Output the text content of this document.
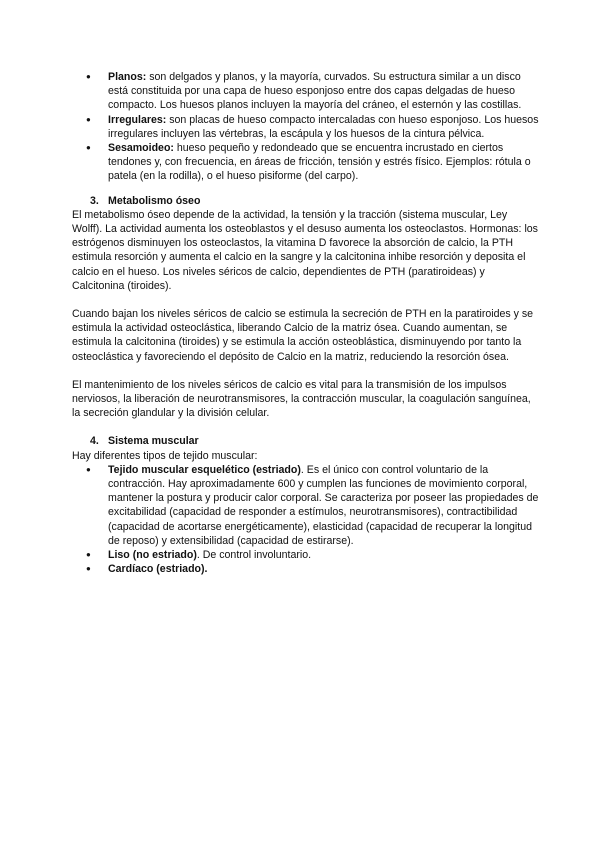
● Planos: son delgados y planos, y la mayoría, curvados. Su estructura similar a un disco está constituida por una capa de hueso esponjoso entre dos capas delgadas de hueso compacto. Los huesos planos incluyen la mayoría del cráneo, el esternón y las costillas.
● Irregulares: son placas de hueso compacto intercaladas con hueso esponjoso. Los huesos irregulares incluyen las vértebras, la escápula y los huesos de la cintura pélvica.
● Sesamoideo: hueso pequeño y redondeado que se encuentra incrustado en ciertos tendones y, con frecuencia, en áreas de fricción, tensión y estrés físico. Ejemplos: rótula o patela (en la rodilla), o el hueso pisiforme (del carpo).
3. Metabolismo óseo

El metabolismo óseo depende de la actividad, la tensión y la tracción (sistema muscular, Ley Wolff). La actividad aumenta los osteoblastos y el desuso aumenta los osteoclastos. Hormonas: los estrógenos disminuyen los osteoclastos, la vitamina D favorece la absorción de calcio, la PTH estimula resorción y aumenta el calcio en la sangre y la calcitonina inhibe resorción y deposita el calcio en el hueso. Los niveles séricos de calcio, dependientes de PTH (paratiroideas) y Calcitonina (tiroides).

Cuando bajan los niveles séricos de calcio se estimula la secreción de PTH en la paratiroides y se estimula la actividad osteoclástica, liberando Calcio de la matriz ósea. Cuando aumentan, se estimula la calcitonina (tiroides) y se estimula la acción osteoblástica, disminuyendo por tanto la osteoclástica y favoreciendo el depósito de Calcio en la matriz, reduciendo la resorción ósea.

El mantenimiento de los niveles séricos de calcio es vital para la transmisión de los impulsos nerviosos, la liberación de neurotransmisores, la contracción muscular, la coagulación sanguínea, la secreción glandular y la división celular.

4. Sistema muscular

Hay diferentes tipos de tejido muscular:

● Tejido muscular esquelético (estriado). Es el único con control voluntario de la contracción. Hay aproximadamente 600 y cumplen las funciones de movimiento corporal, mantener la postura y producir calor corporal. Se caracteriza por poseer las propiedades de excitabilidad (capacidad de responder a estímulos, neurotransmisores), contractibilidad (capacidad de acortarse energéticamente), elasticidad (capacidad de recuperar la longitud de reposo) y extensibilidad (capacidad de estirarse).
● Liso (no estriado). De control involuntario.
● Cardíaco (estriado).
